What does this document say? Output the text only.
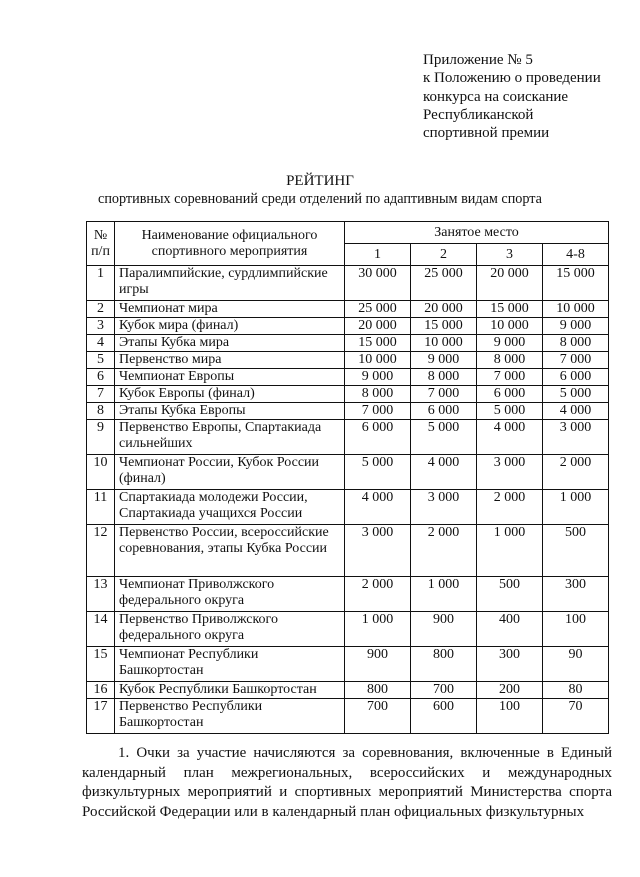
Приложение № 5
к Положению о проведении
конкурса на соискание
Республиканской
спортивной премии
РЕЙТИНГ
спортивных соревнований среди отделений по адаптивным видам спорта
№
п/п	Наименование официального спортивного мероприятия	Занятое место			
		1	2	3	4-8
1	Паралимпийские, сурдлимпийские игры	30 000	25 000	20 000	15 000
2	Чемпионат мира	25 000	20 000	15 000	10 000
3	Кубок мира (финал)	20 000	15 000	10 000	9 000
4	Этапы Кубка мира	15 000	10 000	9 000	8 000
5	Первенство мира	10 000	9 000	8 000	7 000
6	Чемпионат Европы	9 000	8 000	7 000	6 000
7	Кубок Европы (финал)	8 000	7 000	6 000	5 000
8	Этапы Кубка Европы	7 000	6 000	5 000	4 000
9	Первенство Европы, Спартакиада сильнейших	6 000	5 000	4 000	3 000
10	Чемпионат России, Кубок России (финал)	5 000	4 000	3 000	2 000
11	Спартакиада молодежи России, Спартакиада учащихся России	4 000	3 000	2 000	1 000
12	Первенство России, всероссийские соревнования, этапы Кубка России	3 000	2 000	1 000	500
13	Чемпионат Приволжского федерального округа	2 000	1 000	500	300
14	Первенство Приволжского федерального округа	1 000	900	400	100
15	Чемпионат Республики Башкортостан	900	800	300	90
16	Кубок Республики Башкортостан	800	700	200	80
17	Первенство Республики Башкортостан	700	600	100	70

1. Очки за участие начисляются за соревнования, включенные в Единый календарный план межрегиональных, всероссийских и международных физкультурных мероприятий и спортивных мероприятий Министерства спорта Российской Федерации или в календарный план официальных физкультурных
